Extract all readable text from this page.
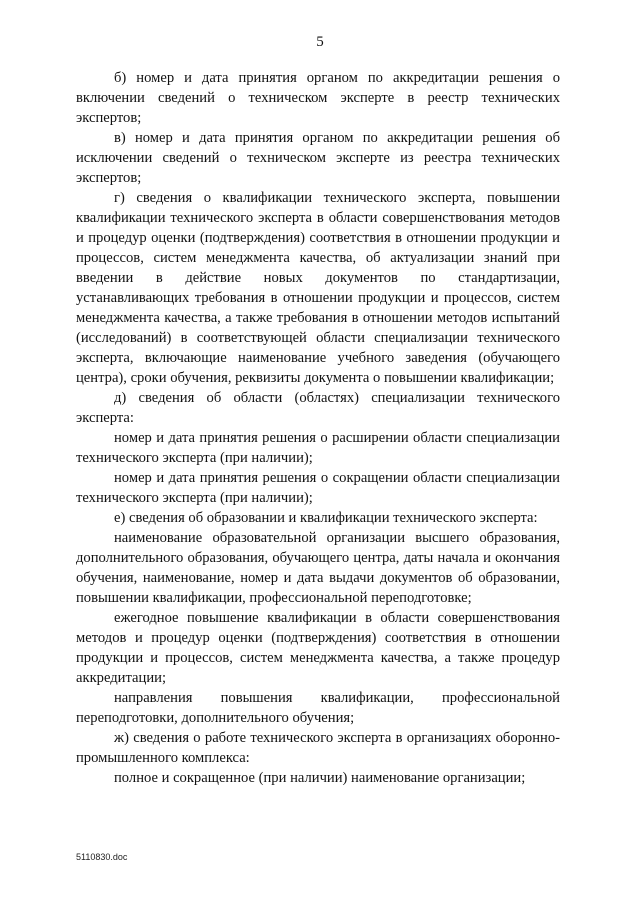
5

б) номер и дата принятия органом по аккредитации решения о включении сведений о техническом эксперте в реестр технических экспертов;

в) номер и дата принятия органом по аккредитации решения об исключении сведений о техническом эксперте из реестра технических экспертов;

г) сведения о квалификации технического эксперта, повышении квалификации технического эксперта в области совершенствования методов и процедур оценки (подтверждения) соответствия в отношении продукции и процессов, систем менеджмента качества, об актуализации знаний при введении в действие новых документов по стандартизации, устанавливающих требования в отношении продукции и процессов, систем менеджмента качества, а также требования в отношении методов испытаний (исследований) в соответствующей области специализации технического эксперта, включающие наименование учебного заведения (обучающего центра), сроки обучения, реквизиты документа о повышении квалификации;

д) сведения об области (областях) специализации технического эксперта:

номер и дата принятия решения о расширении области специализации технического эксперта (при наличии);

номер и дата принятия решения о сокращении области специализации технического эксперта (при наличии);

е) сведения об образовании и квалификации технического эксперта:

наименование образовательной организации высшего образования, дополнительного образования, обучающего центра, даты начала и окончания обучения, наименование, номер и дата выдачи документов об образовании, повышении квалификации, профессиональной переподготовке;

ежегодное повышение квалификации в области совершенствования методов и процедур оценки (подтверждения) соответствия в отношении продукции и процессов, систем менеджмента качества, а также процедур аккредитации;

направления повышения квалификации, профессиональной переподготовки, дополнительного обучения;

ж) сведения о работе технического эксперта в организациях оборонно-промышленного комплекса:

полное и сокращенное (при наличии) наименование организации;

5110830.doc
